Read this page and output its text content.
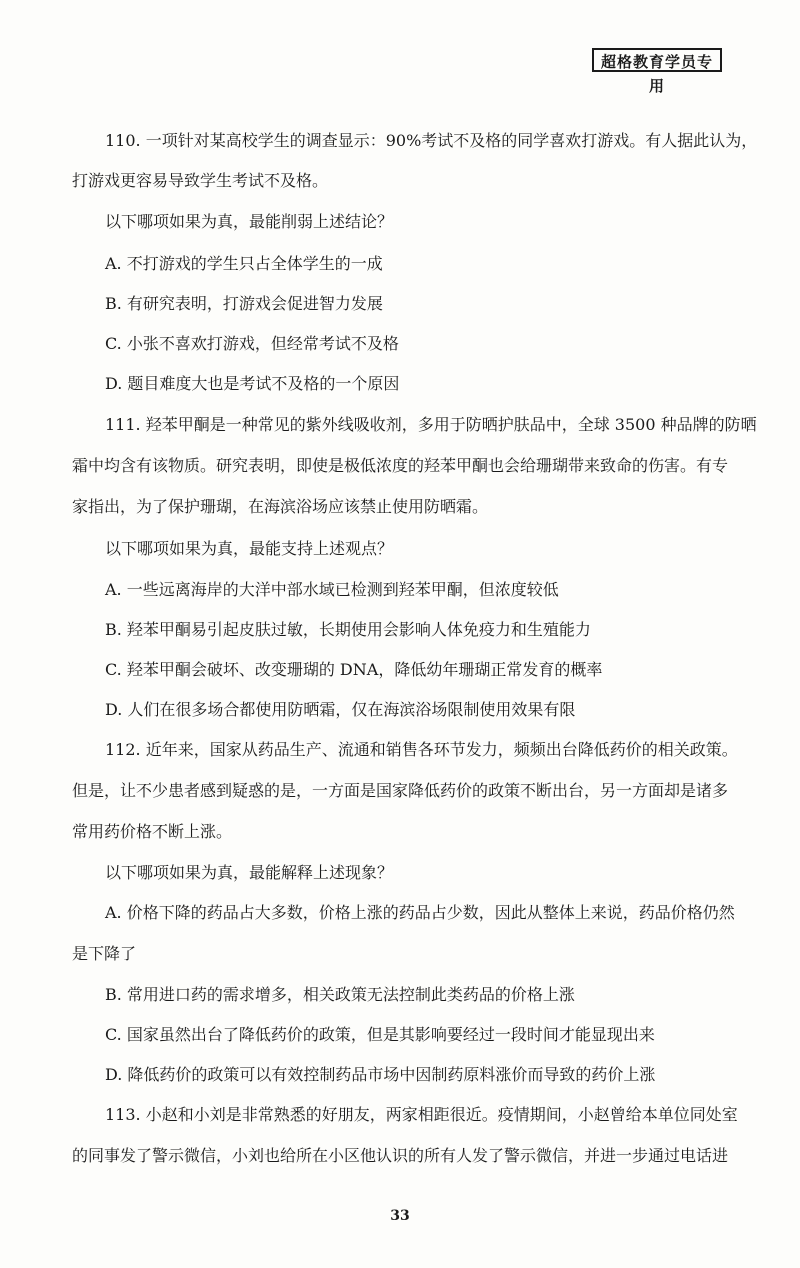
超格教育学员专用
110. 一项针对某高校学生的调查显示：90%考试不及格的同学喜欢打游戏。有人据此认为，
打游戏更容易导致学生考试不及格。
以下哪项如果为真，最能削弱上述结论？
A. 不打游戏的学生只占全体学生的一成
B. 有研究表明，打游戏会促进智力发展
C. 小张不喜欢打游戏，但经常考试不及格
D. 题目难度大也是考试不及格的一个原因
111. 羟苯甲酮是一种常见的紫外线吸收剂，多用于防晒护肤品中，全球 3500 种品牌的防晒
霜中均含有该物质。研究表明，即使是极低浓度的羟苯甲酮也会给珊瑚带来致命的伤害。有专
家指出，为了保护珊瑚，在海滨浴场应该禁止使用防晒霜。
以下哪项如果为真，最能支持上述观点？
A. 一些远离海岸的大洋中部水域已检测到羟苯甲酮，但浓度较低
B. 羟苯甲酮易引起皮肤过敏，长期使用会影响人体免疫力和生殖能力
C. 羟苯甲酮会破坏、改变珊瑚的 DNA，降低幼年珊瑚正常发育的概率
D. 人们在很多场合都使用防晒霜，仅在海滨浴场限制使用效果有限
112. 近年来，国家从药品生产、流通和销售各环节发力，频频出台降低药价的相关政策。
但是，让不少患者感到疑惑的是，一方面是国家降低药价的政策不断出台，另一方面却是诸多
常用药价格不断上涨。
以下哪项如果为真，最能解释上述现象？
A. 价格下降的药品占大多数，价格上涨的药品占少数，因此从整体上来说，药品价格仍然
是下降了
B. 常用进口药的需求增多，相关政策无法控制此类药品的价格上涨
C. 国家虽然出台了降低药价的政策，但是其影响要经过一段时间才能显现出来
D. 降低药价的政策可以有效控制药品市场中因制药原料涨价而导致的药价上涨
113. 小赵和小刘是非常熟悉的好朋友，两家相距很近。疫情期间，小赵曾给本单位同处室
的同事发了警示微信，小刘也给所在小区他认识的所有人发了警示微信，并进一步通过电话进
33
